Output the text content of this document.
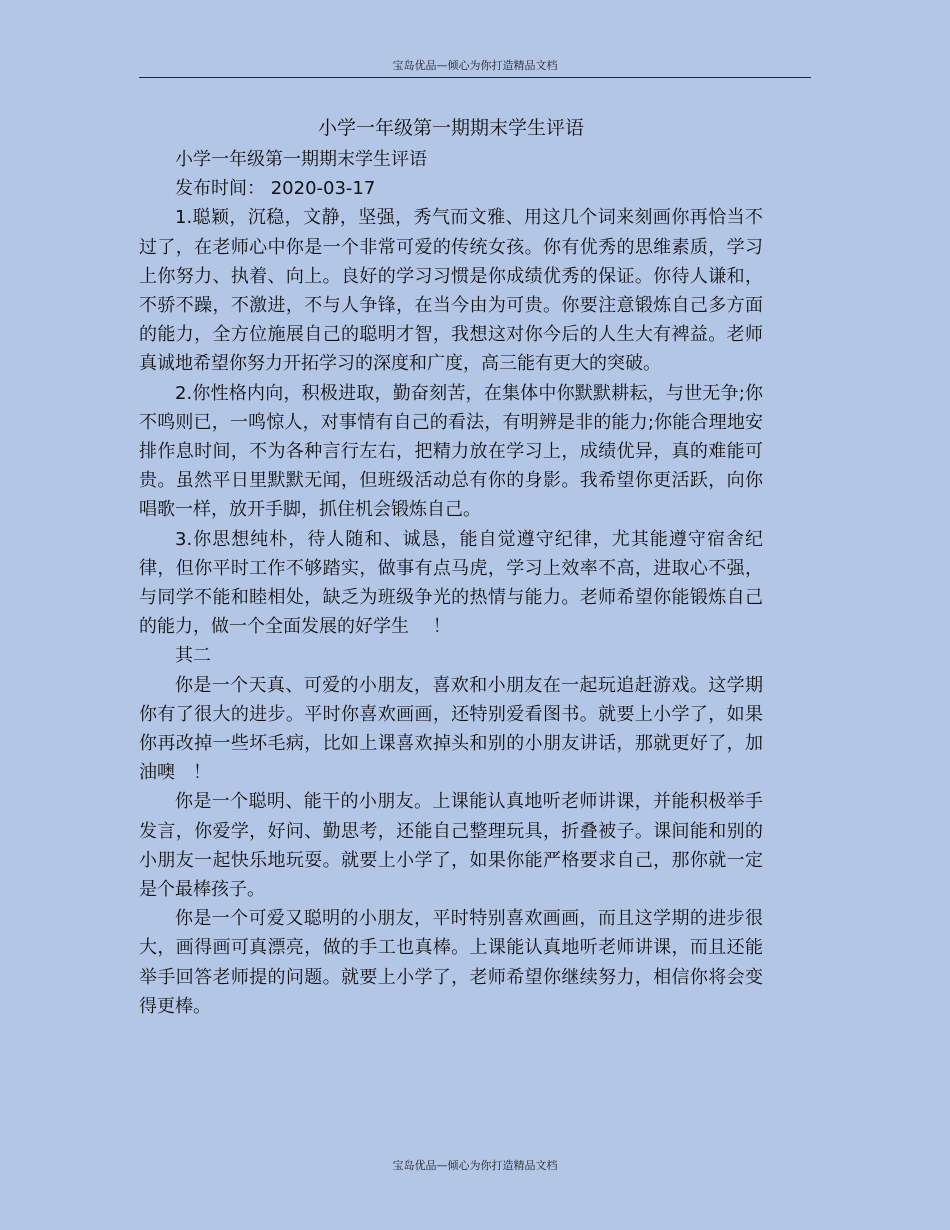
宝岛优品—倾心为你打造精品文档
小学一年级第一期期末学生评语

小学一年级第一期期末学生评语

发布时间： 2020-03-17

1.聪颖，沉稳，文静，坚强，秀气而文雅、用这几个词来刻画你再恰当不过了，在老师心中你是一个非常可爱的传统女孩。你有优秀的思维素质，学习上你努力、执着、向上。良好的学习习惯是你成绩优秀的保证。你待人谦和，不骄不躁，不激进，不与人争锋，在当今由为可贵。你要注意锻炼自己多方面的能力，全方位施展自己的聪明才智，我想这对你今后的人生大有裨益。老师真诚地希望你努力开拓学习的深度和广度，高三能有更大的突破。

2.你性格内向，积极进取，勤奋刻苦，在集体中你默默耕耘，与世无争;你不鸣则已，一鸣惊人，对事情有自己的看法，有明辨是非的能力;你能合理地安排作息时间，不为各种言行左右，把精力放在学习上，成绩优异，真的难能可贵。虽然平日里默默无闻，但班级活动总有你的身影。我希望你更活跃，向你唱歌一样，放开手脚，抓住机会锻炼自己。

3.你思想纯朴，待人随和、诚恳，能自觉遵守纪律，尤其能遵守宿舍纪律，但你平时工作不够踏实，做事有点马虎，学习上效率不高，进取心不强，与同学不能和睦相处，缺乏为班级争光的热情与能力。老师希望你能锻炼自己的能力，做一个全面发展的好学生　 ！

其二

你是一个天真、可爱的小朋友，喜欢和小朋友在一起玩追赶游戏。这学期你有了很大的进步。平时你喜欢画画，还特别爱看图书。就要上小学了，如果你再改掉一些坏毛病，比如上课喜欢掉头和别的小朋友讲话，那就更好了，加油噢　！

你是一个聪明、能干的小朋友。上课能认真地听老师讲课，并能积极举手发言，你爱学，好问、勤思考，还能自己整理玩具，折叠被子。课间能和别的小朋友一起快乐地玩耍。就要上小学了，如果你能严格要求自己，那你就一定是个最棒孩子。

你是一个可爱又聪明的小朋友，平时特别喜欢画画，而且这学期的进步很大，画得画可真漂亮，做的手工也真棒。上课能认真地听老师讲课，而且还能举手回答老师提的问题。就要上小学了，老师希望你继续努力，相信你将会变得更棒。

宝岛优品—倾心为你打造精品文档
